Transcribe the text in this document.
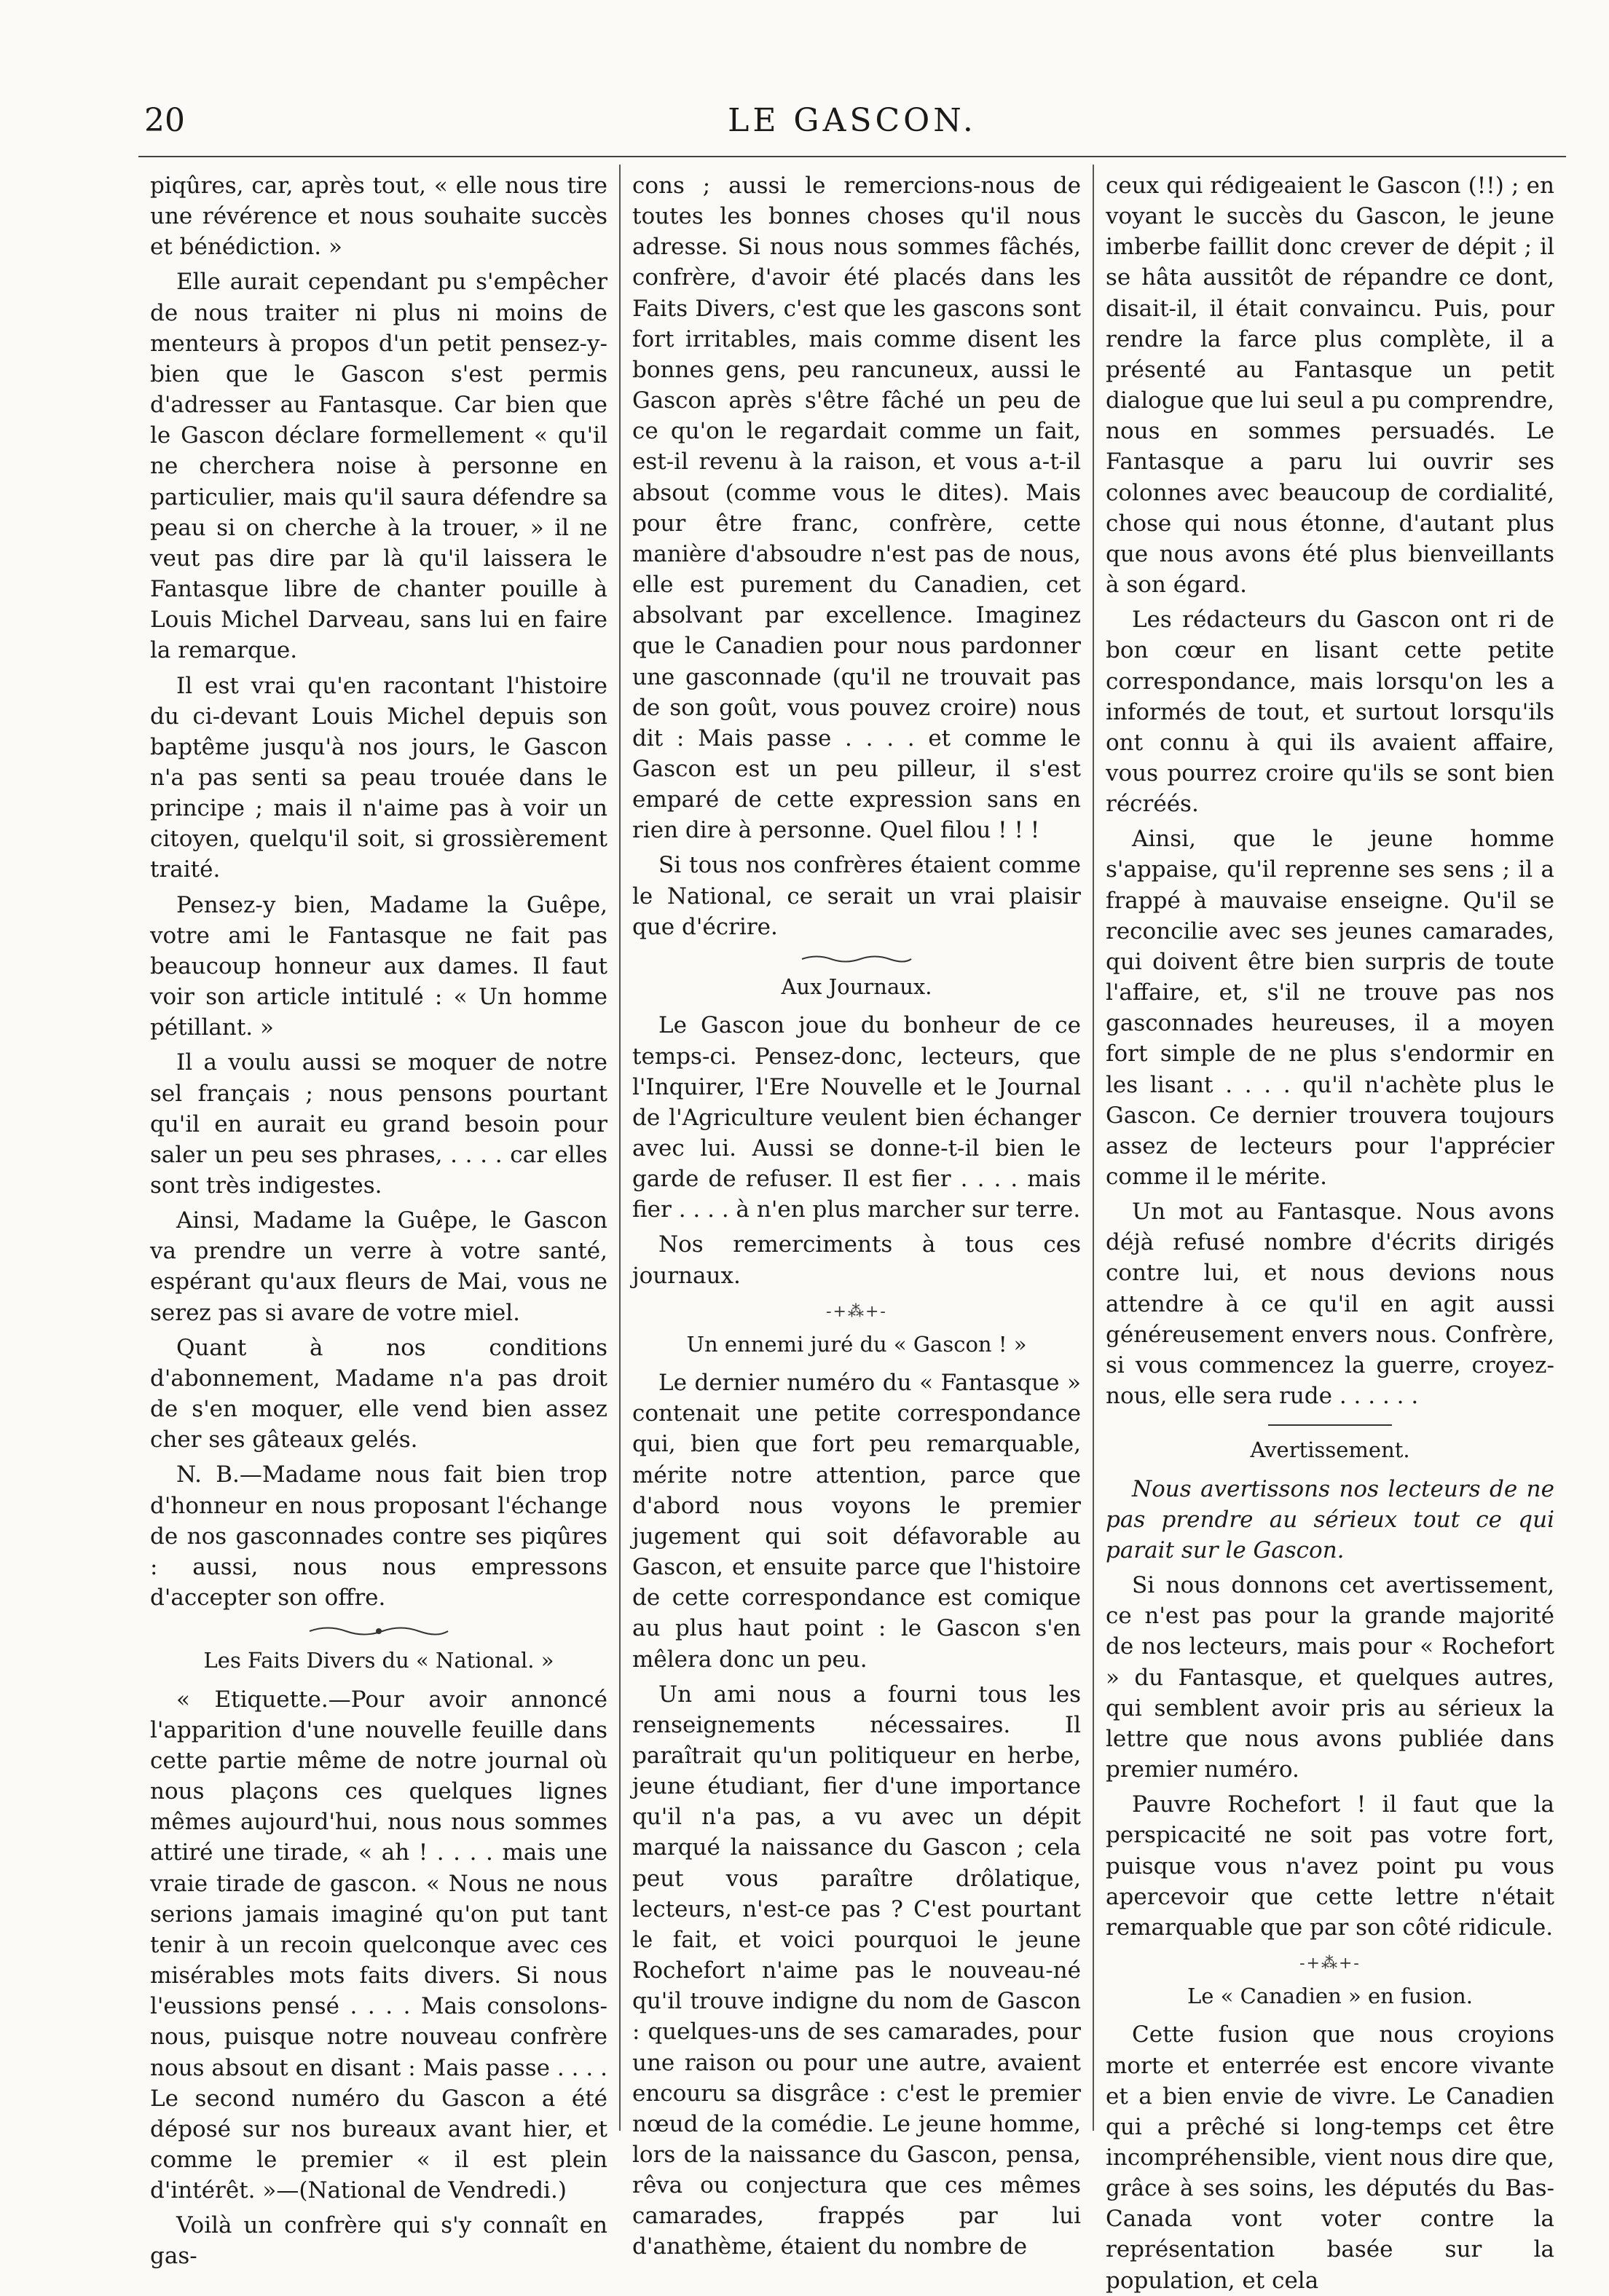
20	LE GASCON.

piqûres, car, après tout, « elle nous tire une révérence et nous souhaite succès et bénédiction. »

Elle aurait cependant pu s'empêcher de nous traiter ni plus ni moins de menteurs à propos d'un petit pensez-y-bien que le Gascon s'est permis d'adresser au Fantasque. Car bien que le Gascon déclare formellement « qu'il ne cherchera noise à personne en particulier, mais qu'il saura défendre sa peau si on cherche à la trouer, » il ne veut pas dire par là qu'il laissera le Fantasque libre de chanter pouille à Louis Michel Darveau, sans lui en faire la remarque.

Il est vrai qu'en racontant l'histoire du ci-devant Louis Michel depuis son baptême jusqu'à nos jours, le Gascon n'a pas senti sa peau trouée dans le principe ; mais il n'aime pas à voir un citoyen, quelqu'il soit, si grossièrement traité.

Pensez-y bien, Madame la Guêpe, votre ami le Fantasque ne fait pas beaucoup honneur aux dames. Il faut voir son article intitulé : « Un homme pétillant. »

Il a voulu aussi se moquer de notre sel français ; nous pensons pourtant qu'il en aurait eu grand besoin pour saler un peu ses phrases, . . . . car elles sont très indigestes.

Ainsi, Madame la Guêpe, le Gascon va prendre un verre à votre santé, espérant qu'aux fleurs de Mai, vous ne serez pas si avare de votre miel.

Quant à nos conditions d'abonnement, Madame n'a pas droit de s'en moquer, elle vend bien assez cher ses gâteaux gelés.

N. B.—Madame nous fait bien trop d'honneur en nous proposant l'échange de nos gasconnades contre ses piqûres : aussi, nous nous empressons d'accepter son offre.

Les Faits Divers du « National. »

« Etiquette.—Pour avoir annoncé l'apparition d'une nouvelle feuille dans cette partie même de notre journal où nous plaçons ces quelques lignes mêmes aujourd'hui, nous nous sommes attiré une tirade, « ah ! . . . . mais une vraie tirade de gascon. « Nous ne nous serions jamais imaginé qu'on put tant tenir à un recoin quelconque avec ces misérables mots faits divers. Si nous l'eussions pensé . . . . Mais consolons-nous, puisque notre nouveau confrère nous absout en disant : Mais passe . . . . Le second numéro du Gascon a été déposé sur nos bureaux avant hier, et comme le premier « il est plein d'intérêt. »—(National de Vendredi.)

Voilà un confrère qui s'y connaît en gas-

cons ; aussi le remercions-nous de toutes les bonnes choses qu'il nous adresse. Si nous nous sommes fâchés, confrère, d'avoir été placés dans les Faits Divers, c'est que les gascons sont fort irritables, mais comme disent les bonnes gens, peu rancuneux, aussi le Gascon après s'être fâché un peu de ce qu'on le regardait comme un fait, est-il revenu à la raison, et vous a-t-il absout (comme vous le dites). Mais pour être franc, confrère, cette manière d'absoudre n'est pas de nous, elle est purement du Canadien, cet absolvant par excellence. Imaginez que le Canadien pour nous pardonner une gasconnade (qu'il ne trouvait pas de son goût, vous pouvez croire) nous dit : Mais passe . . . . et comme le Gascon est un peu pilleur, il s'est emparé de cette expression sans en rien dire à personne. Quel filou ! ! !

Si tous nos confrères étaient comme le National, ce serait un vrai plaisir que d'écrire.

Aux Journaux.

Le Gascon joue du bonheur de ce temps-ci. Pensez-donc, lecteurs, que l'Inquirer, l'Ere Nouvelle et le Journal de l'Agriculture veulent bien échanger avec lui. Aussi se donne-t-il bien le garde de refuser. Il est fier . . . . mais fier . . . . à n'en plus marcher sur terre.

Nos remerciments à tous ces journaux.

-+⁂+-
Un ennemi juré du « Gascon ! »

Le dernier numéro du « Fantasque » contenait une petite correspondance qui, bien que fort peu remarquable, mérite notre attention, parce que d'abord nous voyons le premier jugement qui soit défavorable au Gascon, et ensuite parce que l'histoire de cette correspondance est comique au plus haut point : le Gascon s'en mêlera donc un peu.

Un ami nous a fourni tous les renseignements nécessaires. Il paraîtrait qu'un politiqueur en herbe, jeune étudiant, fier d'une importance qu'il n'a pas, a vu avec un dépit marqué la naissance du Gascon ; cela peut vous paraître drôlatique, lecteurs, n'est-ce pas ? C'est pourtant le fait, et voici pourquoi le jeune Rochefort n'aime pas le nouveau-né qu'il trouve indigne du nom de Gascon : quelques-uns de ses camarades, pour une raison ou pour une autre, avaient encouru sa disgrâce : c'est le premier nœud de la comédie. Le jeune homme, lors de la naissance du Gascon, pensa, rêva ou conjectura que ces mêmes camarades, frappés par lui d'anathème, étaient du nombre de

ceux qui rédigeaient le Gascon (!!) ; en voyant le succès du Gascon, le jeune imberbe faillit donc crever de dépit ; il se hâta aussitôt de répandre ce dont, disait-il, il était convaincu. Puis, pour rendre la farce plus complète, il a présenté au Fantasque un petit dialogue que lui seul a pu comprendre, nous en sommes persuadés. Le Fantasque a paru lui ouvrir ses colonnes avec beaucoup de cordialité, chose qui nous étonne, d'autant plus que nous avons été plus bienveillants à son égard.

Les rédacteurs du Gascon ont ri de bon cœur en lisant cette petite correspondance, mais lorsqu'on les a informés de tout, et surtout lorsqu'ils ont connu à qui ils avaient affaire, vous pourrez croire qu'ils se sont bien récréés.

Ainsi, que le jeune homme s'appaise, qu'il reprenne ses sens ; il a frappé à mauvaise enseigne. Qu'il se reconcilie avec ses jeunes camarades, qui doivent être bien surpris de toute l'affaire, et, s'il ne trouve pas nos gasconnades heureuses, il a moyen fort simple de ne plus s'endormir en les lisant . . . . qu'il n'achète plus le Gascon. Ce dernier trouvera toujours assez de lecteurs pour l'apprécier comme il le mérite.

Un mot au Fantasque. Nous avons déjà refusé nombre d'écrits dirigés contre lui, et nous devions nous attendre à ce qu'il en agit aussi généreusement envers nous. Confrère, si vous commencez la guerre, croyez-nous, elle sera rude . . . . . .

Avertissement.

Nous avertissons nos lecteurs de ne pas prendre au sérieux tout ce qui parait sur le Gascon.

Si nous donnons cet avertissement, ce n'est pas pour la grande majorité de nos lecteurs, mais pour « Rochefort » du Fantasque, et quelques autres, qui semblent avoir pris au sérieux la lettre que nous avons publiée dans premier numéro.

Pauvre Rochefort ! il faut que la perspicacité ne soit pas votre fort, puisque vous n'avez point pu vous apercevoir que cette lettre n'était remarquable que par son côté ridicule.

-+⁂+-
Le « Canadien » en fusion.

Cette fusion que nous croyions morte et enterrée est encore vivante et a bien envie de vivre. Le Canadien qui a prêché si long-temps cet être incompréhensible, vient nous dire que, grâce à ses soins, les députés du Bas-Canada vont voter contre la représentation basée sur la population, et cela
